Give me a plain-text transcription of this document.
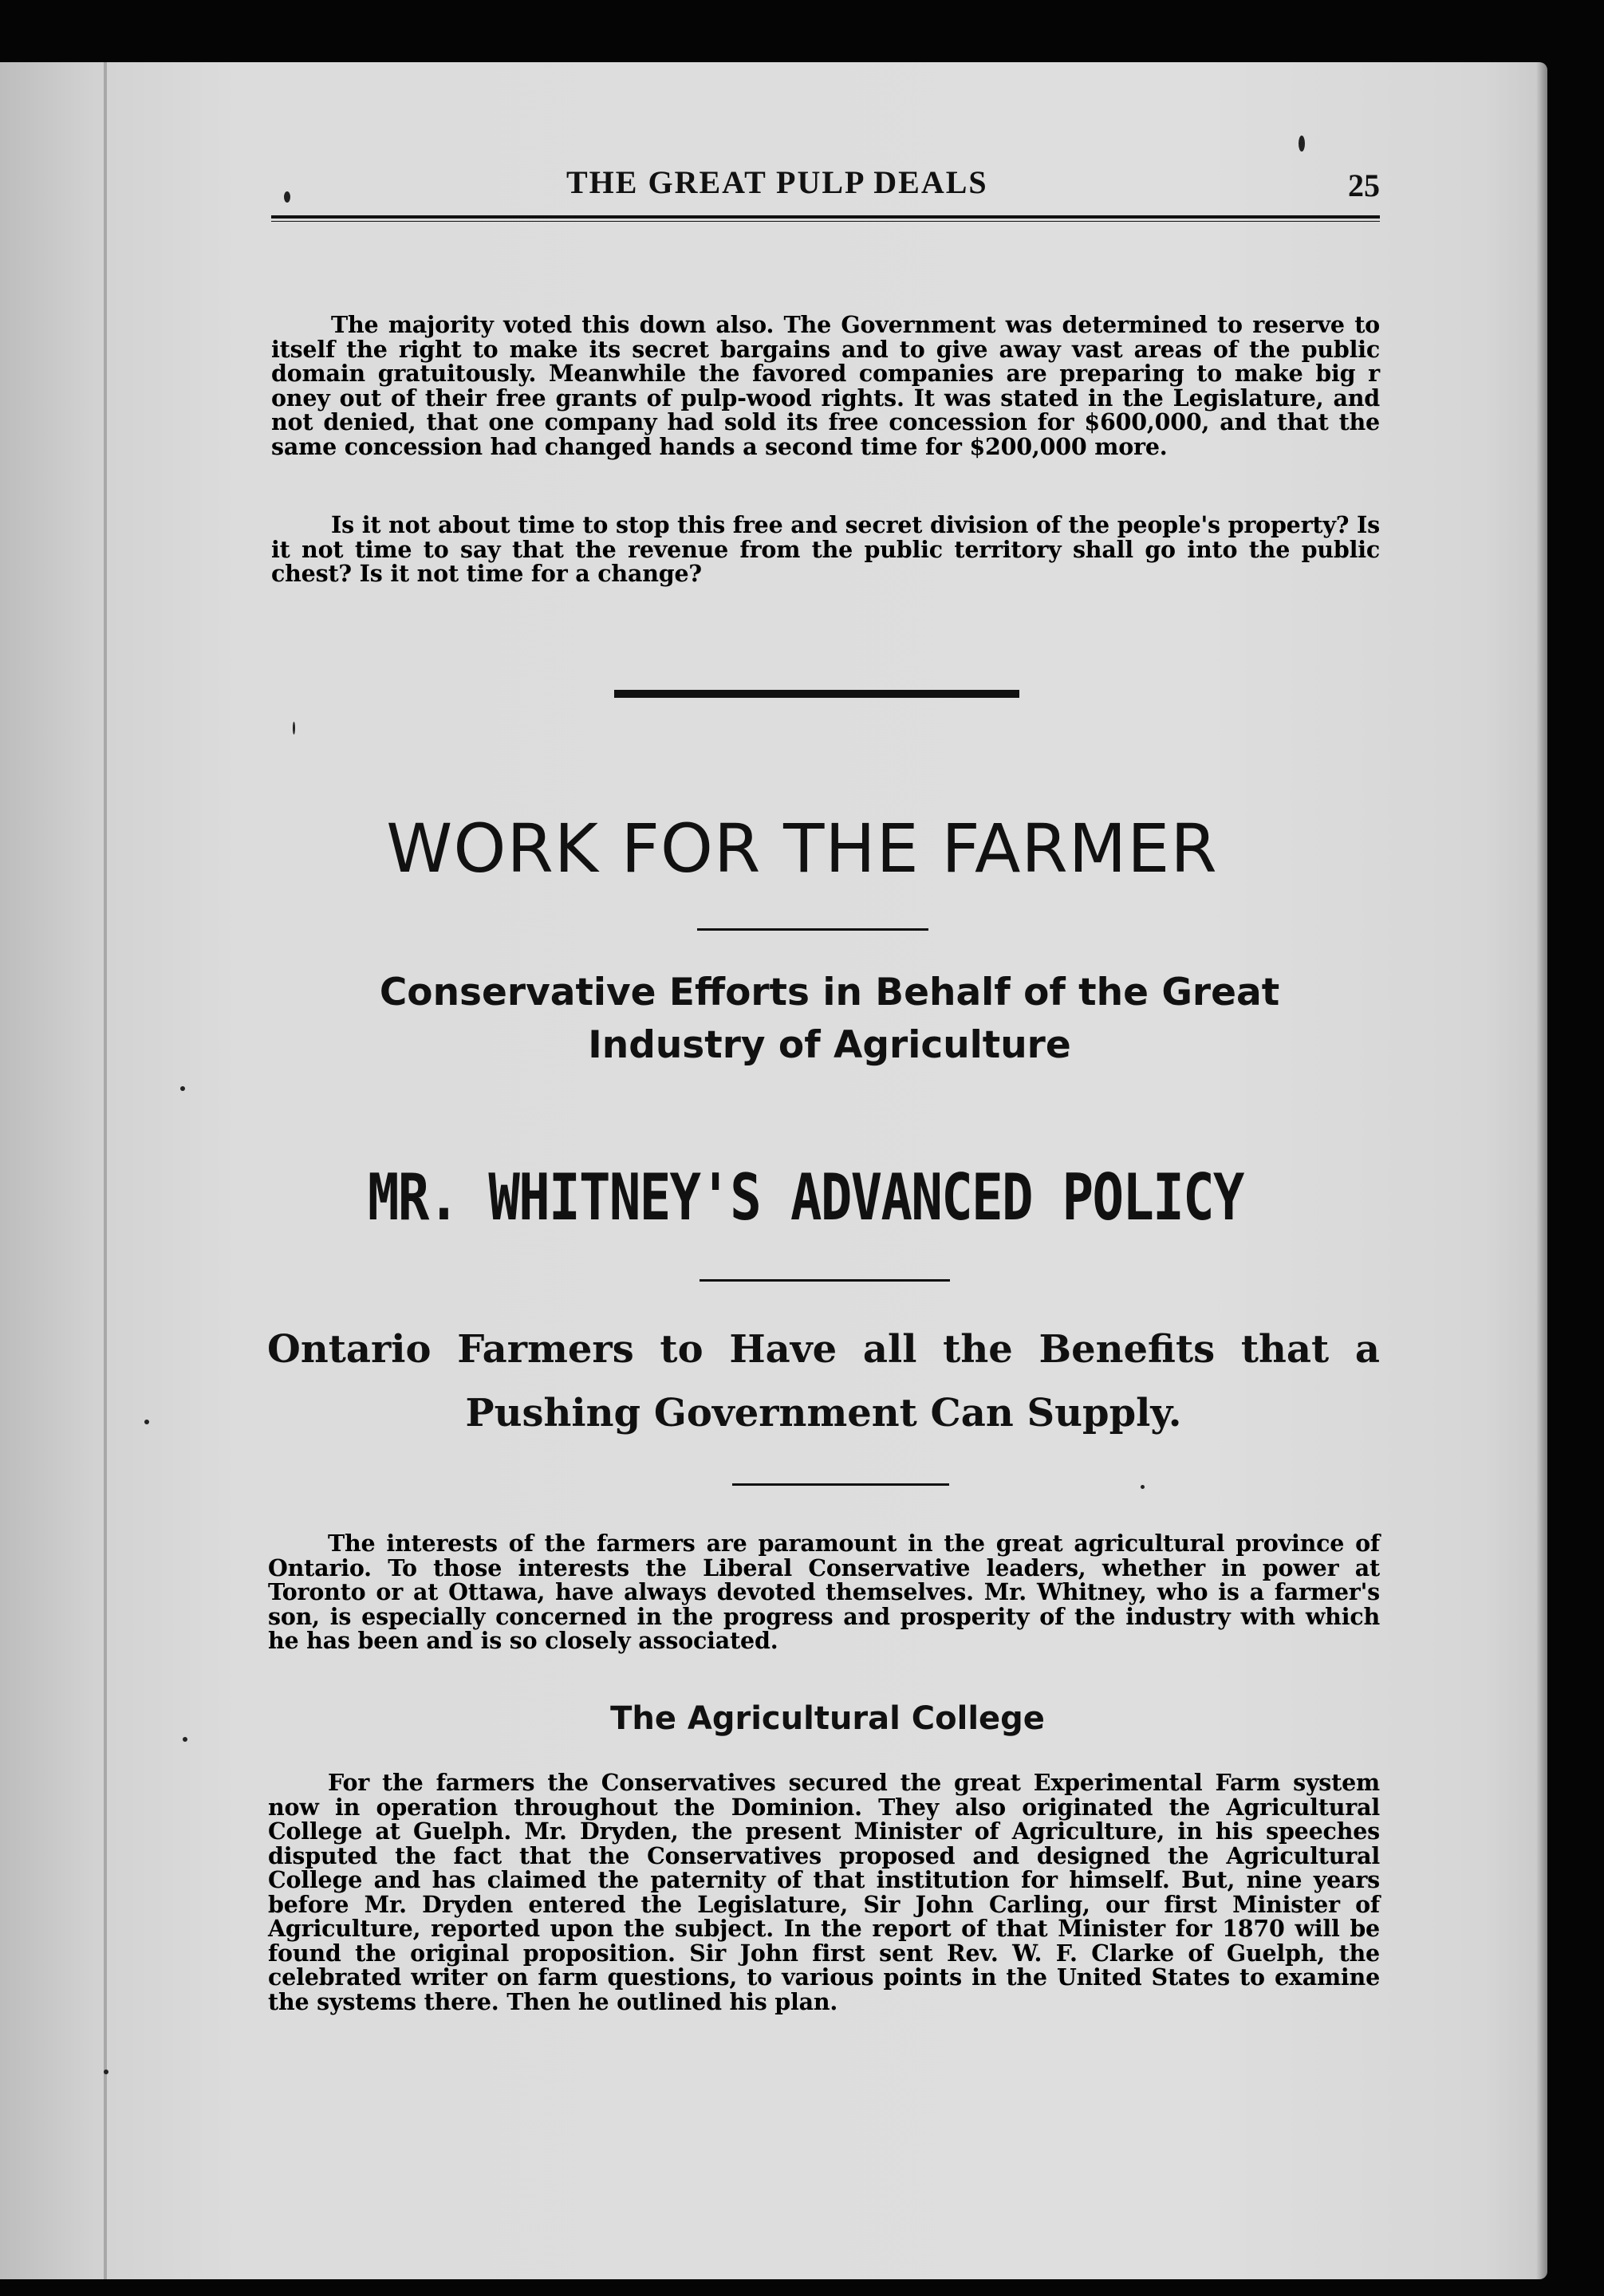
THE GREAT PULP DEALS	25

The majority voted this down also. The Government was determined to reserve to itself the right to make its secret bargains and to give away vast areas of the public domain gratuitously. Meanwhile the favored companies are preparing to make big r oney out of their free grants of pulp-wood rights. It was stated in the Legislature, and not denied, that one company had sold its free concession for $600,000, and that the same concession had changed hands a second time for $200,000 more.

Is it not about time to stop this free and secret division of the people's property? Is it not time to say that the revenue from the public territory shall go into the public chest? Is it not time for a change?

WORK FOR THE FARMER
Conservative Efforts in Behalf of the Great
Industry of Agriculture
MR. WHITNEY'S ADVANCED POLICY
Ontario Farmers to Have all the Benefits that a
Pushing Government Can Supply.

The interests of the farmers are paramount in the great agricultural province of Ontario. To those interests the Liberal Conservative leaders, whether in power at Toronto or at Ottawa, have always devoted themselves. Mr. Whitney, who is a farmer's son, is especially concerned in the progress and prosperity of the industry with which he has been and is so closely associated.

The Agricultural College

For the farmers the Conservatives secured the great Experimental Farm system now in operation throughout the Dominion. They also originated the Agricultural College at Guelph. Mr. Dryden, the present Minister of Agriculture, in his speeches disputed the fact that the Conservatives proposed and designed the Agricultural College and has claimed the paternity of that institution for himself. But, nine years before Mr. Dryden entered the Legislature, Sir John Carling, our first Minister of Agriculture, reported upon the subject. In the report of that Minister for 1870 will be found the original proposition. Sir John first sent Rev. W. F. Clarke of Guelph, the celebrated writer on farm questions, to various points in the United States to examine the systems there. Then he outlined his plan.
